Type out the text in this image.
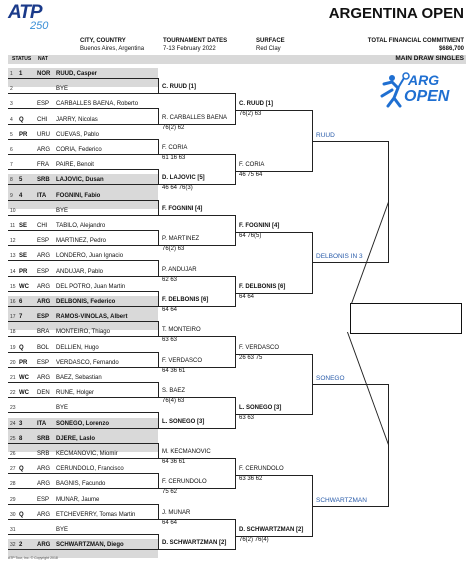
ATP
250
ARGENTINA OPEN
CITY, COUNTRY
Buenos Aires, Argentina
TOURNAMENT DATES
7-13 February 2022
SURFACE
Red Clay
TOTAL FINANCIAL COMMITMENT
$686,700
STATUS NAT	MAIN DRAW SINGLES
ARG
OPEN
1 1 NOR RUUD, Casper
2	BYE
3	ESP CARBALLES BAENA, Roberto
4 Q CHI JARRY, Nicolas
5 PR URU CUEVAS, Pablo
6	ARG CORIA, Federico
7	FRA PAIRE, Benoit
8 5 SRB LAJOVIC, Dusan
9 4 ITA FOGNINI, Fabio
10	BYE
11 SE CHI TABILO, Alejandro
12	ESP MARTINEZ, Pedro
13 SE ARG LONDERO, Juan Ignacio
14 PR ESP ANDUJAR, Pablo
15 WC ARG DEL POTRO, Juan Martin
16 6 ARG DELBONIS, Federico
17 7 ESP RAMOS-VINOLAS, Albert
18	BRA MONTEIRO, Thiago
19 Q BOL DELLIEN, Hugo
20 PR ESP VERDASCO, Fernando
21 WC ARG BAEZ, Sebastian
22 WC DEN RUNE, Holger
23	BYE
24 3 ITA SONEGO, Lorenzo
25 8 SRB DJERE, Laslo
26	SRB KECMANOVIC, Miomir
27 Q ARG CERUNDOLO, Francisco
28	ARG BAGNIS, Facundo
29	ESP MUNAR, Jaume
30 Q ARG ETCHEVERRY, Tomas Martin
31	BYE
32 2 ARG SCHWARTZMAN, Diego
C. RUUD [1]
R. CARBALLES BAENA
76(2) 62
F. CORIA
61 16 63
D. LAJOVIC [5]
46 64 76(3)
F. FOGNINI [4]
P. MARTINEZ
76(2) 63
P. ANDUJAR
62 63
F. DELBONIS [6]
64 64
T. MONTEIRO
63 63
F. VERDASCO
64 36 61
S. BAEZ
76(4) 63
L. SONEGO [3]
M. KECMANOVIC
64 36 61
F. CERUNDOLO
75 62
J. MUNAR
64 64
D. SCHWARTZMAN [2]
C. RUUD [1]
76(2) 63
F. CORIA
46 75 64
F. FOGNINI [4]
64 76(5)
F. DELBONIS [6]
64 64
F. VERDASCO
26 63 75
L. SONEGO [3]
63 63
F. CERUNDOLO
63 36 62
D. SCHWARTZMAN [2]
76(2) 76(4)
RUUD
DELBONIS IN 3
SONEGO
SCHWARTZMAN
ATP Tour, Inc. © Copyright 2018
